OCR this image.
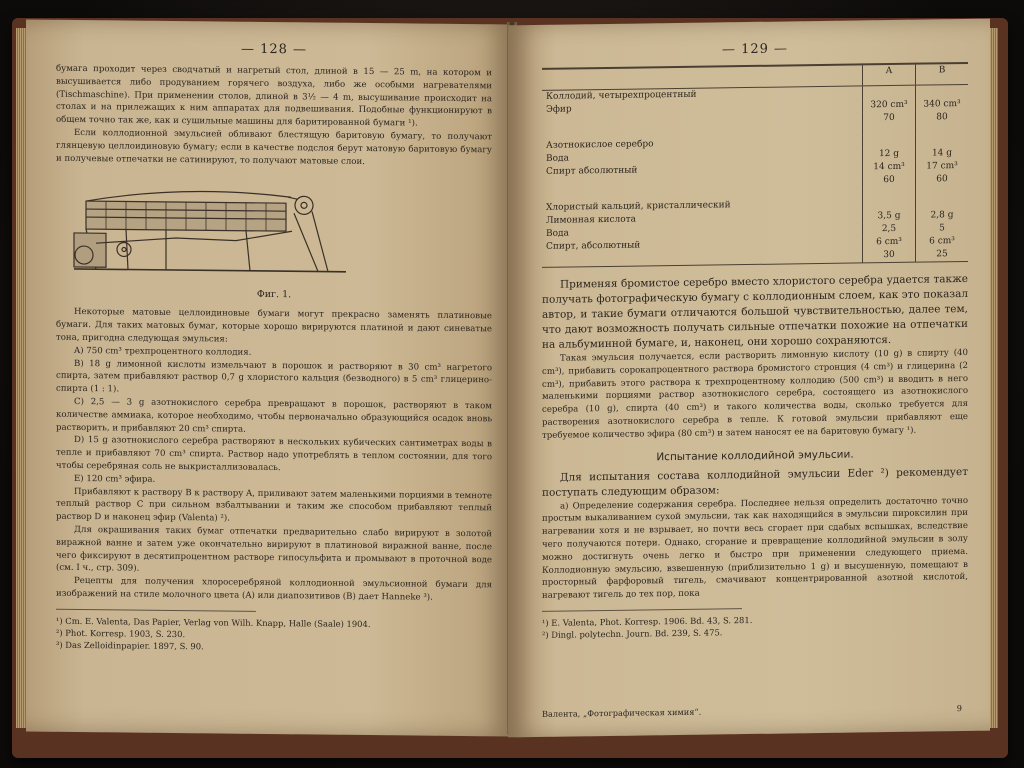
— 128 —

бумага проходит через сводчатый и нагретый стол, длиной в 15 — 25 m, на котором и высушивается либо продуванием горячего воздуха, либо же особыми нагревателями (Tischmaschine). При применении столов, длиной в 3½ — 4 m, высушивание происходит на столах и на прилежащих к ним аппаратах для подвешивания. Подобные функционируют в общем точно так же, как и сушильные машины для баритированной бумаги ¹).

Если коллодионной эмульсией обливают блестящую баритовую бумагу, то получают глянцевую целлоидиновую бумагу; если в качестве подслоя берут матовую баритовую бумагу и получевые отпечатки не сатинируют, то получают матовые слои.

Фиг. 1.

Некоторые матовые целлоидиновые бумаги могут прекрасно заменять платиновые бумаги. Для таких матовых бумаг, которые хорошо вирируются платиной и дают синеватые тона, пригодна следующая эмульсия:

A) 750 cm³ трехпроцентного коллодия.

B) 18 g лимонной кислоты измельчают в порошок и растворяют в 30 cm³ нагретого спирта, затем прибавляют раствор 0,7 g хлористого кальция (безводного) в 5 cm³ глицерино-спирта (1 : 1).

C) 2,5 — 3 g азотнокислого серебра превращают в порошок, растворяют в таком количестве аммиака, которое необходимо, чтобы первоначально образующийся осадок вновь растворить, и прибавляют 20 cm³ спирта.

D) 15 g азотнокислого серебра растворяют в нескольких кубических сантиметрах воды в тепле и прибавляют 70 cm³ спирта. Раствор надо употреблять в теплом состоянии, для того чтобы серебряная соль не выкристаллизовалась.

E) 120 cm³ эфира.

Прибавляют к раствору B к раствору A, приливают затем маленькими порциями в темноте теплый раствор C при сильном взбалтывании и таким же способом прибавляют теплый раствор D и наконец эфир (Valenta) ²).

Для окрашивания таких бумаг отпечатки предварительно слабо вирируют в золотой виражной ванне и затем уже окончательно вирируют в платиновой виражной ванне, после чего фиксируют в десятипроцентном растворе гипосульфита и промывают в проточной воде (см. I ч., стр. 309).

Рецепты для получения хлоросеребряной коллодионной эмульсионной бумаги для изображений на стиле молочного цвета (A) или диапозитивов (B) дает Hanneke ³).

¹) Cm. E. Valenta, Das Papier, Verlag von Wilh. Knapp, Halle (Saale) 1904.

²) Phot. Korresp. 1903, S. 230.

³) Das Zelloidinpapier. 1897, S. 90.

— 129 —
	A	B
Коллодий, четырехпроцентный		
Эфир	320 cm³	340 cm³
	70	80

Азотнокислое серебро		
Вода	12 g	14 g
Спирт абсолютный	14 cm³	17 cm³
	60	60

Хлористый кальций, кристаллический		
Лимонная кислота	3,5 g	2,8 g
Вода	2,5	5
Спирт, абсолютный	6 cm³	6 cm³
	30	25

Применяя бромистое серебро вместо хлористого серебра удается также получать фотографическую бумагу с коллодионным слоем, как это показал автор, и такие бумаги отличаются большой чувствительностью, далее тем, что дают возможность получать сильные отпечатки похожие на отпечатки на альбуминной бумаге, и, наконец, они хорошо сохраняются.

Такая эмульсия получается, если растворить лимонную кислоту (10 g) в спирту (40 cm³), прибавить сорокапроцентного раствора бромистого стронция (4 cm³) и глицерина (2 cm³), прибавить этого раствора к трехпроцентному коллодию (500 cm³) и вводить в него маленькими порциями раствор азотнокислого серебра, состоящего из азотнокислого серебра (10 g), спирта (40 cm³) и такого количества воды, сколько требуется для растворения азотнокислого серебра в тепле. К готовой эмульсии прибавляют еще требуемое количество эфира (80 cm³) и затем наносят ее на баритовую бумагу ¹).

Испытание коллодийной эмульсии.

Для испытания состава коллодийной эмульсии Eder ²) рекомендует поступать следующим образом:

a) Определение содержания серебра. Последнее нельзя определить достаточно точно простым выкаливанием сухой эмульсии, так как находящийся в эмульсии пироксилин при нагревании хотя и не взрывает, но почти весь сгорает при сдабых вспышках, вследствие чего получаются потери. Однако, сгорание и превращение коллодийной эмульсии в золу можно достигнуть очень легко и быстро при применении следующего приема. Коллодионную эмульсию, взвешенную (приблизительно 1 g) и высушенную, помещают в просторный фарфоровый тигель, смачивают концентрированной азотной кислотой, нагревают тигель до тех пор, пока

¹) E. Valenta, Phot. Korresp. 1906. Bd. 43, S. 281.

²) Dingl. polytechn. Journ. Bd. 239, S. 475.

Валента, „Фотографическая химия“.	9
